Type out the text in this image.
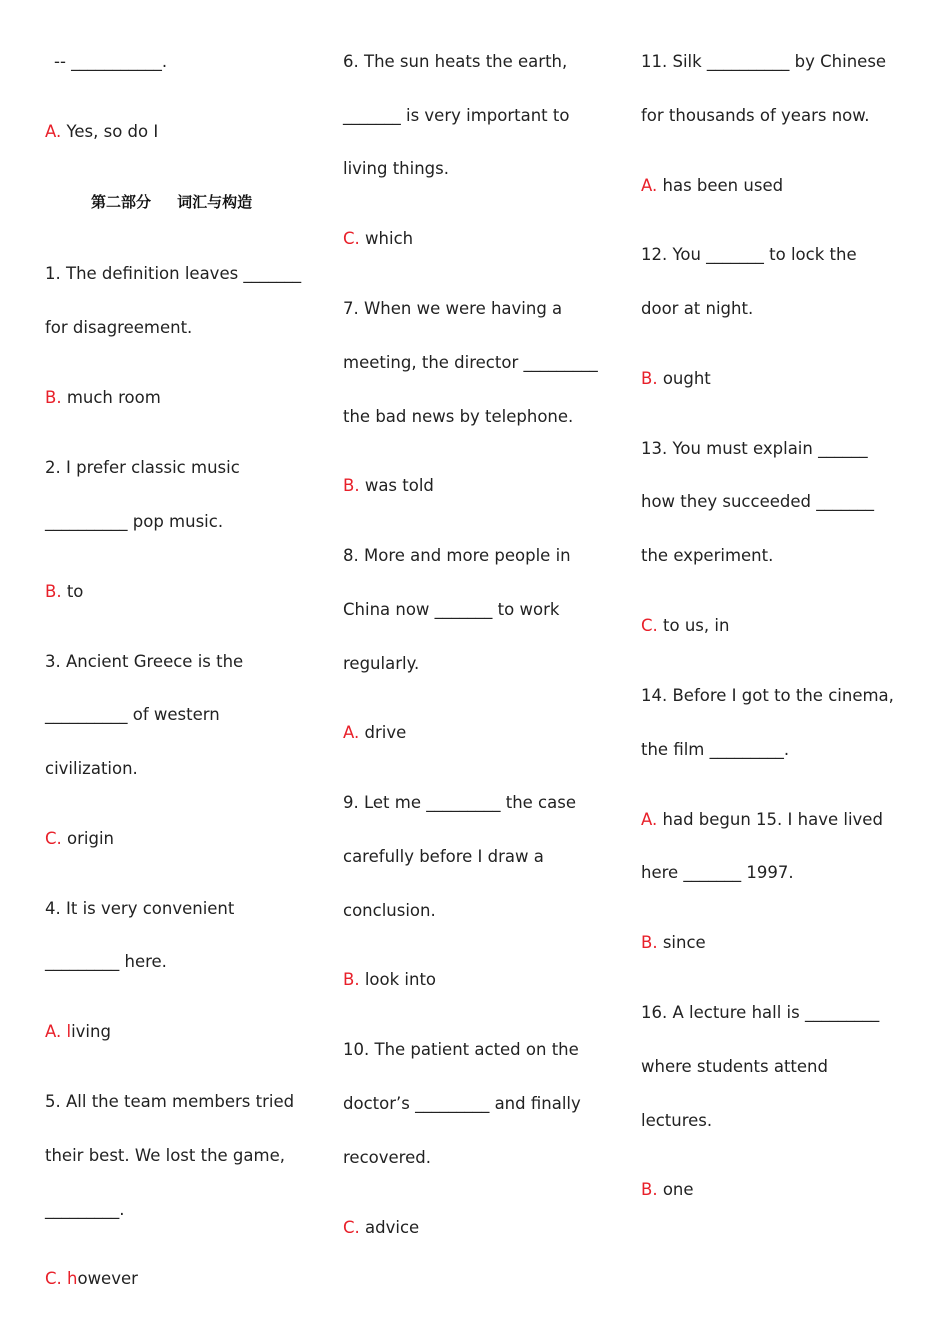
-- ___________.
A. Yes, so do I
第二部分     词汇与构造
1. The definition leaves _______
for disagreement.
B. much room
2. I prefer classic music
__________ pop music.
B. to
3. Ancient Greece is the
__________ of western
civilization.
C. origin
4. It is very convenient
_________ here.
A. living
5. All the team members tried
their best. We lost the game,
_________.
C. however
6. The sun heats the earth,
_______ is very important to
living things.
C. which
7. When we were having a
meeting, the director _________
the bad news by telephone.
B. was told
8. More and more people in
China now _______ to work
regularly.
A. drive
9. Let me _________ the case
carefully before I draw a
conclusion.
B. look into
10. The patient acted on the
doctor’s _________ and finally
recovered.
C. advice
11. Silk __________ by Chinese
for thousands of years now.
A. has been used
12. You _______ to lock the
door at night.
B. ought
13. You must explain ______
how they succeeded _______
the experiment.
C. to us, in
14. Before I got to the cinema,
the film _________.
A. had begun 15. I have lived
here _______ 1997.
B. since
16. A lecture hall is _________
where students attend
lectures.
B. one
